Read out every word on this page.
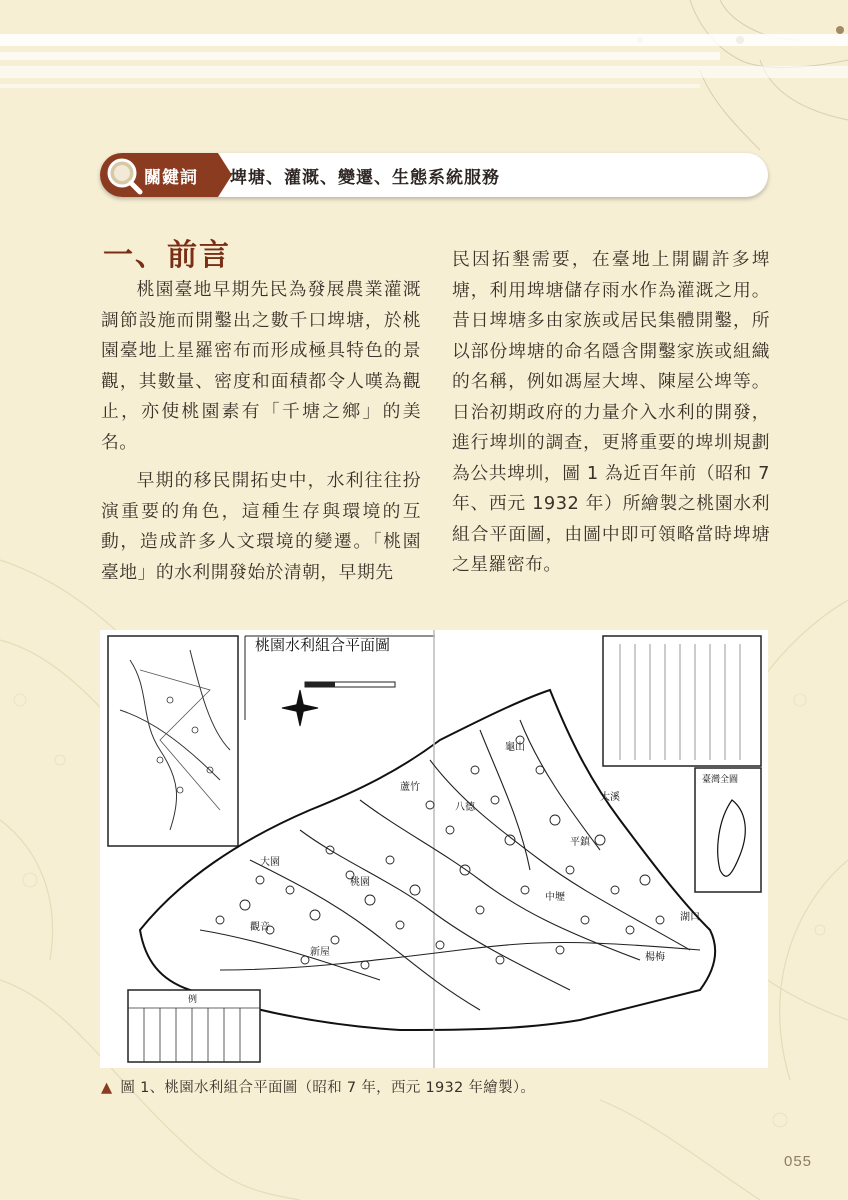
關鍵詞 埤塘、灌溉、變遷、生態系統服務
一、前言

桃園臺地早期先民為發展農業灌溉調節設施而開鑿出之數千口埤塘，於桃園臺地上星羅密布而形成極具特色的景觀，其數量、密度和面積都令人嘆為觀止，亦使桃園素有「千塘之鄉」的美名。

早期的移民開拓史中，水利往往扮演重要的角色，這種生存與環境的互動，造成許多人文環境的變遷。「桃園臺地」的水利開發始於清朝，早期先

民因拓墾需要，在臺地上開闢許多埤塘，利用埤塘儲存雨水作為灌溉之用。昔日埤塘多由家族或居民集體開鑿，所以部份埤塘的命名隱含開鑿家族或組織的名稱，例如馮屋大埤、陳屋公埤等。日治初期政府的力量介入水利的開發，進行埤圳的調查，更將重要的埤圳規劃為公共埤圳，圖 1 為近百年前（昭和 7 年、西元 1932 年）所繪製之桃園水利組合平面圖，由圖中即可領略當時埤塘之星羅密布。

桃園水利組合平面圖
臺灣全圖
桃園
中壢
大園
觀音
楊梅
新屋
湖口
平鎮
八德
蘆竹
龜山
大溪
例
▲ 圖 1、桃園水利組合平面圖（昭和 7 年，西元 1932 年繪製）。
055
